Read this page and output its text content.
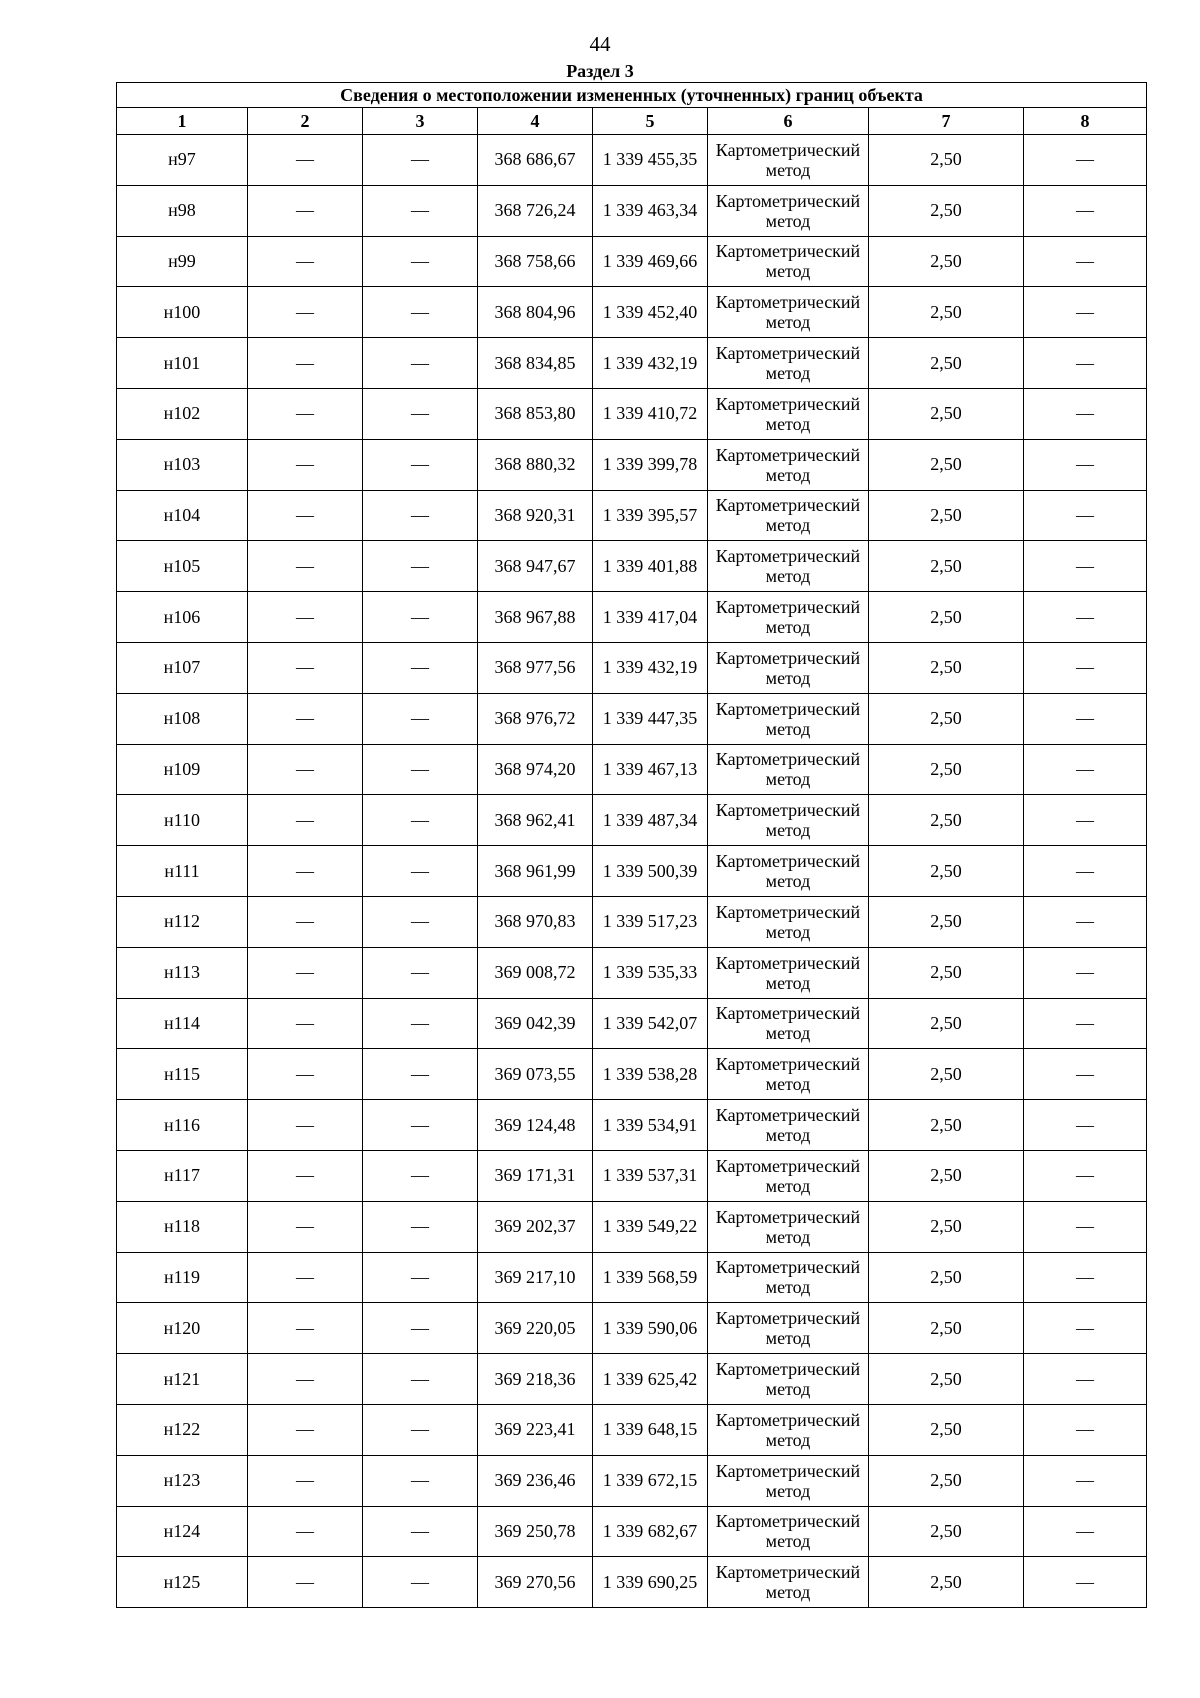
44
Раздел 3
Сведения о местоположении измененных (уточненных) границ объекта							
1	2	3	4	5	6	7	8
н97	—	—	368 686,67	1 339 455,35	Картометрический метод	2,50	—
н98	—	—	368 726,24	1 339 463,34	Картометрический метод	2,50	—
н99	—	—	368 758,66	1 339 469,66	Картометрический метод	2,50	—
н100	—	—	368 804,96	1 339 452,40	Картометрический метод	2,50	—
н101	—	—	368 834,85	1 339 432,19	Картометрический метод	2,50	—
н102	—	—	368 853,80	1 339 410,72	Картометрический метод	2,50	—
н103	—	—	368 880,32	1 339 399,78	Картометрический метод	2,50	—
н104	—	—	368 920,31	1 339 395,57	Картометрический метод	2,50	—
н105	—	—	368 947,67	1 339 401,88	Картометрический метод	2,50	—
н106	—	—	368 967,88	1 339 417,04	Картометрический метод	2,50	—
н107	—	—	368 977,56	1 339 432,19	Картометрический метод	2,50	—
н108	—	—	368 976,72	1 339 447,35	Картометрический метод	2,50	—
н109	—	—	368 974,20	1 339 467,13	Картометрический метод	2,50	—
н110	—	—	368 962,41	1 339 487,34	Картометрический метод	2,50	—
н111	—	—	368 961,99	1 339 500,39	Картометрический метод	2,50	—
н112	—	—	368 970,83	1 339 517,23	Картометрический метод	2,50	—
н113	—	—	369 008,72	1 339 535,33	Картометрический метод	2,50	—
н114	—	—	369 042,39	1 339 542,07	Картометрический метод	2,50	—
н115	—	—	369 073,55	1 339 538,28	Картометрический метод	2,50	—
н116	—	—	369 124,48	1 339 534,91	Картометрический метод	2,50	—
н117	—	—	369 171,31	1 339 537,31	Картометрический метод	2,50	—
н118	—	—	369 202,37	1 339 549,22	Картометрический метод	2,50	—
н119	—	—	369 217,10	1 339 568,59	Картометрический метод	2,50	—
н120	—	—	369 220,05	1 339 590,06	Картометрический метод	2,50	—
н121	—	—	369 218,36	1 339 625,42	Картометрический метод	2,50	—
н122	—	—	369 223,41	1 339 648,15	Картометрический метод	2,50	—
н123	—	—	369 236,46	1 339 672,15	Картометрический метод	2,50	—
н124	—	—	369 250,78	1 339 682,67	Картометрический метод	2,50	—
н125	—	—	369 270,56	1 339 690,25	Картометрический метод	2,50	—
